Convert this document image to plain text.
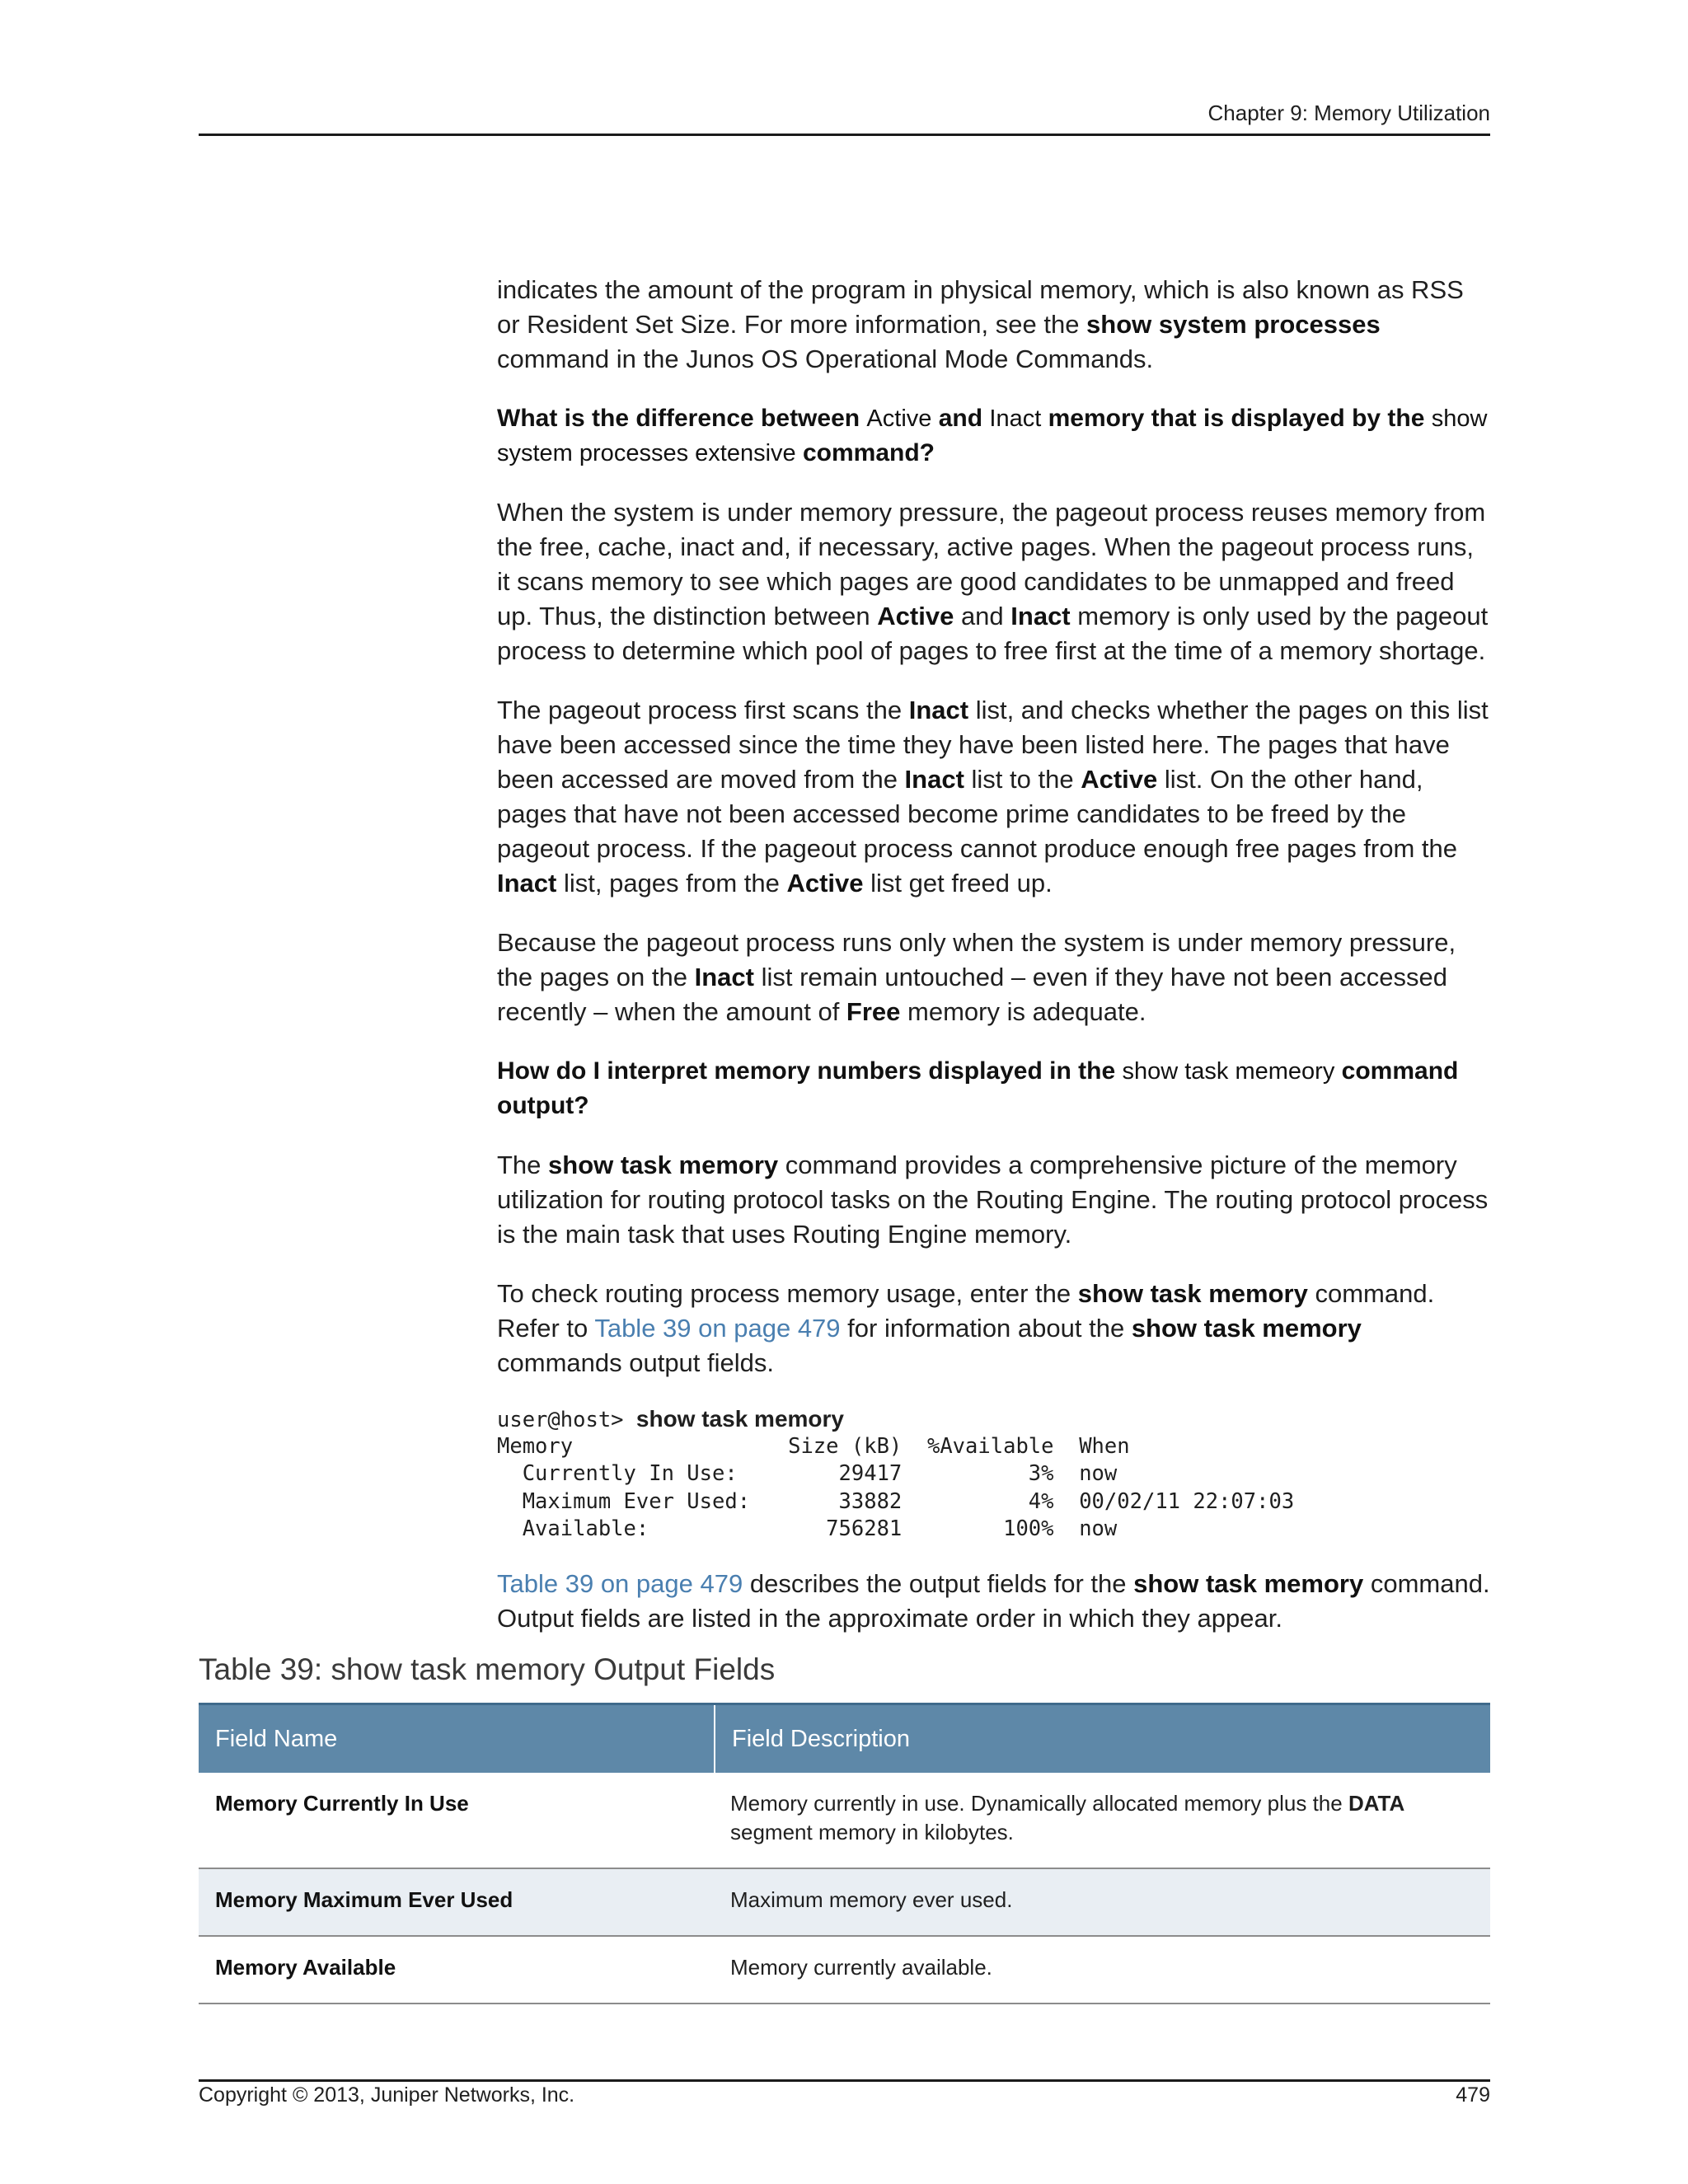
Chapter 9: Memory Utilization

indicates the amount of the program in physical memory, which is also known as RSS or Resident Set Size. For more information, see the show system processes command in the Junos OS Operational Mode Commands.

What is the difference between Active and Inact memory that is displayed by the show system processes extensive command?

When the system is under memory pressure, the pageout process reuses memory from the free, cache, inact and, if necessary, active pages. When the pageout process runs, it scans memory to see which pages are good candidates to be unmapped and freed up. Thus, the distinction between Active and Inact memory is only used by the pageout process to determine which pool of pages to free first at the time of a memory shortage.

The pageout process first scans the Inact list, and checks whether the pages on this list have been accessed since the time they have been listed here. The pages that have been accessed are moved from the Inact list to the Active list. On the other hand, pages that have not been accessed become prime candidates to be freed by the pageout process. If the pageout process cannot produce enough free pages from the Inact list, pages from the Active list get freed up.

Because the pageout process runs only when the system is under memory pressure, the pages on the Inact list remain untouched – even if they have not been accessed recently – when the amount of Free memory is adequate.

How do I interpret memory numbers displayed in the show task memeory command output?

The show task memory command provides a comprehensive picture of the memory utilization for routing protocol tasks on the Routing Engine. The routing protocol process is the main task that uses Routing Engine memory.

To check routing process memory usage, enter the show task memory command. Refer to Table 39 on page 479 for information about the show task memory commands output fields.

user@host> show task memory
Memory                 Size (kB)  %Available  When
Currently In Use:        29417          3%  now
Maximum Ever Used:       33882          4%  00/02/11 22:07:03
Available:              756281        100%  now

Table 39 on page 479 describes the output fields for the show task memory command. Output fields are listed in the approximate order in which they appear.

Table 39: show task memory Output Fields
Field Name	Field Description
Memory Currently In Use	Memory currently in use. Dynamically allocated memory plus the DATA segment memory in kilobytes.
Memory Maximum Ever Used	Maximum memory ever used.
Memory Available	Memory currently available.
Copyright © 2013, Juniper Networks, Inc.	479
